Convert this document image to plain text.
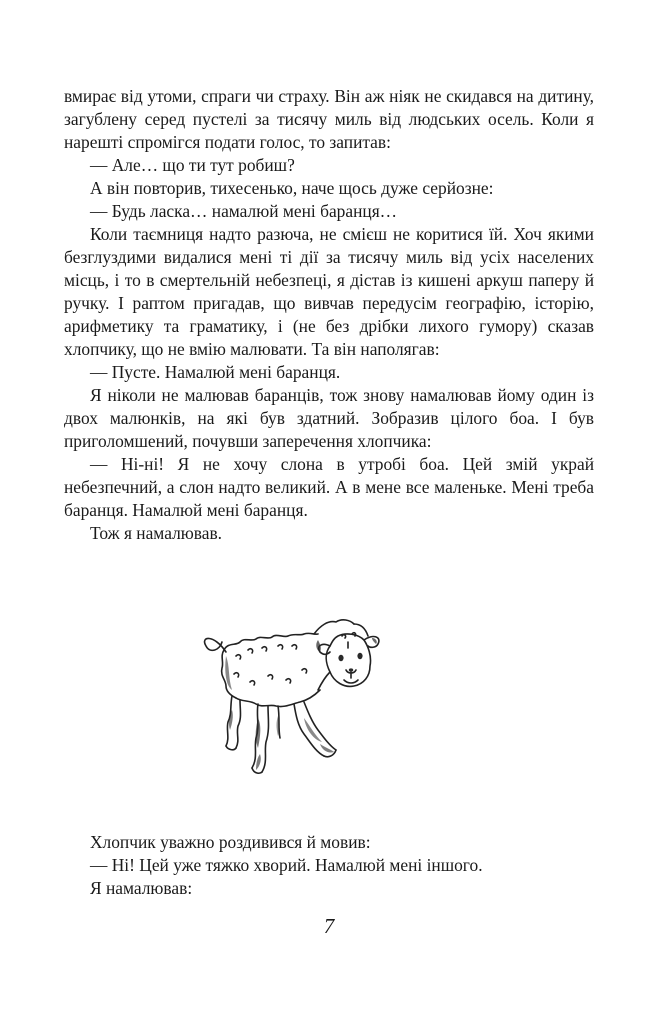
вмирає від утоми, спраги чи страху. Він аж ніяк не скидався на дитину, загублену серед пустелі за тисячу миль від людських осель. Коли я нарешті спромігся подати голос, то запитав:

— Але… що ти тут робиш?

А він повторив, тихесенько, наче щось дуже серйозне:

— Будь ласка… намалюй мені баранця…

Коли таємниця надто разюча, не смієш не коритися їй. Хоч якими безглуздими видалися мені ті дії за тисячу миль від усіх населених місць, і то в смертельній небезпеці, я дістав із кишені аркуш паперу й ручку. І раптом пригадав, що вивчав передусім географію, історію, арифметику та граматику, і (не без дрібки лихого гумору) сказав хлопчику, що не вмію малювати. Та він наполягав:

— Пусте. Намалюй мені баранця.

Я ніколи не малював баранців, тож знову намалював йому один із двох малюнків, на які був здатний. Зобразив цілого боа. І був приголомшений, почувши заперечення хлопчика:

— Ні-ні! Я не хочу слона в утробі боа. Цей змій украй небезпечний, а слон надто великий. А в мене все маленьке. Мені треба баранця. Намалюй мені баранця.

Тож я намалював.

Хлопчик уважно роздивився й мовив:

— Ні! Цей уже тяжко хворий. Намалюй мені іншого.

Я намалював:

7
